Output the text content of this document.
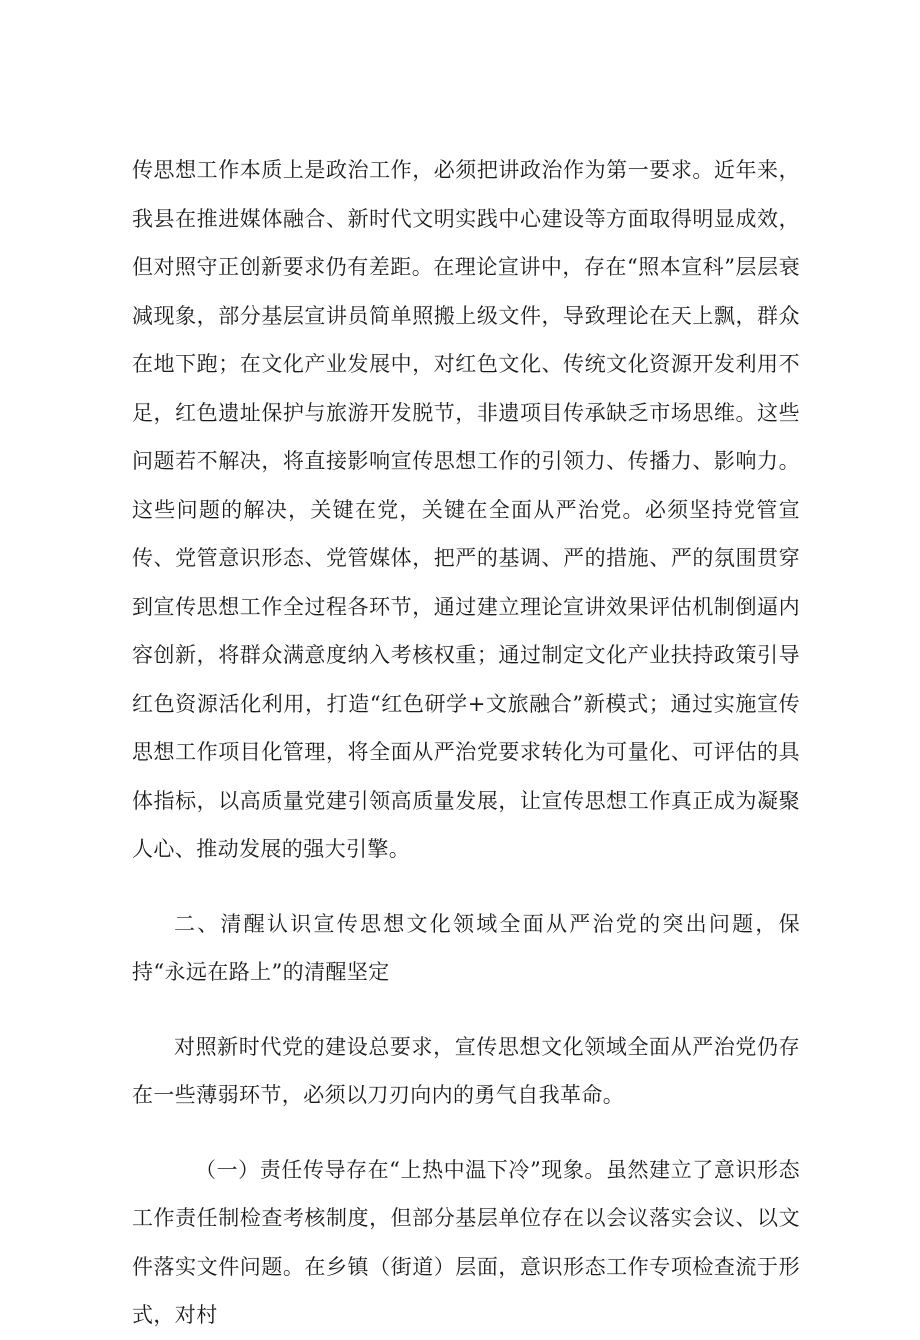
传思想工作本质上是政治工作，必须把讲政治作为第一要求。近年来，我县在推进媒体融合、新时代文明实践中心建设等方面取得明显成效，但对照守正创新要求仍有差距。在理论宣讲中，存在“照本宣科”层层衰减现象，部分基层宣讲员简单照搬上级文件，导致理论在天上飘，群众在地下跑；在文化产业发展中，对红色文化、传统文化资源开发利用不足，红色遗址保护与旅游开发脱节，非遗项目传承缺乏市场思维。这些问题若不解决，将直接影响宣传思想工作的引领力、传播力、影响力。这些问题的解决，关键在党，关键在全面从严治党。必须坚持党管宣传、党管意识形态、党管媒体，把严的基调、严的措施、严的氛围贯穿到宣传思想工作全过程各环节，通过建立理论宣讲效果评估机制倒逼内容创新，将群众满意度纳入考核权重；通过制定文化产业扶持政策引导红色资源活化利用，打造“红色研学+文旅融合”新模式；通过实施宣传思想工作项目化管理，将全面从严治党要求转化为可量化、可评估的具体指标，以高质量党建引领高质量发展，让宣传思想工作真正成为凝聚人心、推动发展的强大引擎。

二、清醒认识宣传思想文化领域全面从严治党的突出问题，保持“永远在路上”的清醒坚定

对照新时代党的建设总要求，宣传思想文化领域全面从严治党仍存在一些薄弱环节，必须以刀刃向内的勇气自我革命。

（一）责任传导存在“上热中温下冷”现象。虽然建立了意识形态工作责任制检查考核制度，但部分基层单位存在以会议落实会议、以文件落实文件问题。在乡镇（街道）层面，意识形态工作专项检查流于形式，对村
